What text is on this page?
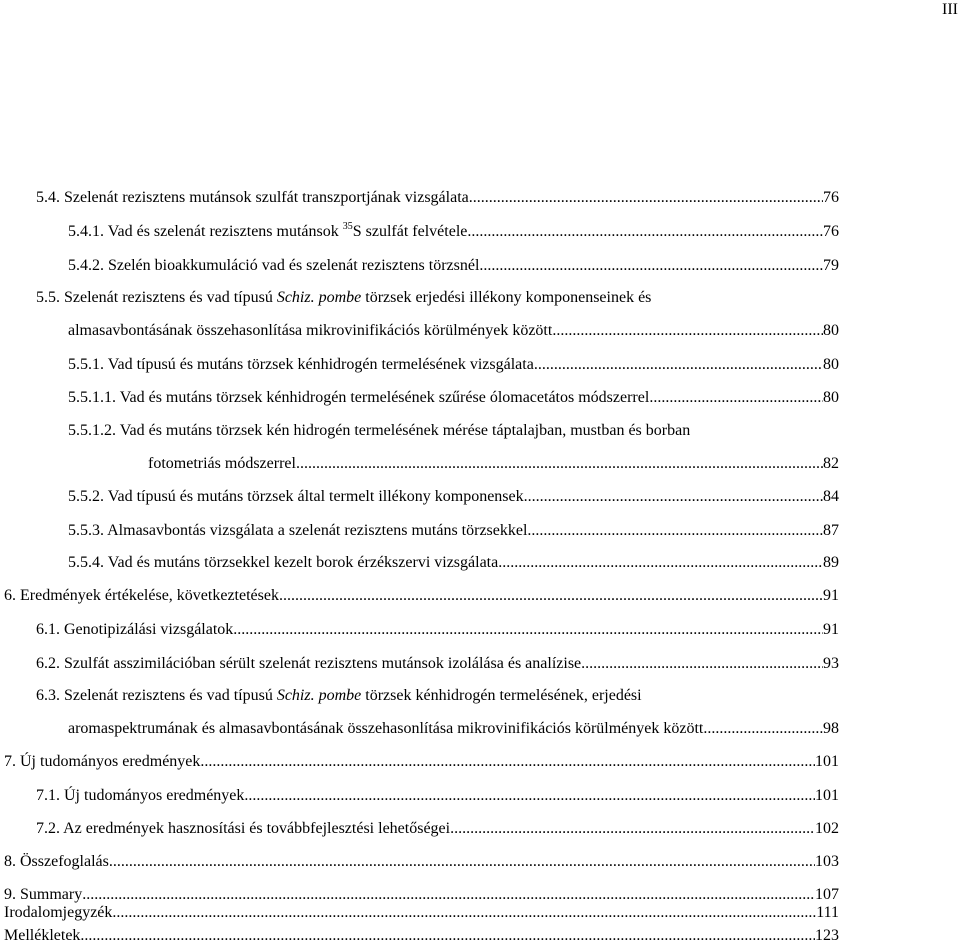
III
5.4. Szelenát rezisztens mutánsok szulfát transzportjának vizsgálata .....	76
5.4.1. Vad és szelenát rezisztens mutánsok $^{35}$S szulfát felvétele .....	76
5.4.2. Szelén bioakkumuláció vad és szelenát rezisztens törzsnél .....	79
5.5. Szelenát rezisztens és vad típusú Schiz. pombe törzsek erjedési illékony komponenseinek és
almasavbontásának összehasonlítása mikrovinifikációs körülmények között .....	80
5.5.1. Vad típusú és mutáns törzsek kénhidrogén termelésének vizsgálata .....	80
5.5.1.1. Vad és mutáns törzsek kénhidrogén termelésének szűrése ólomacetátos módszerrel .....	80
5.5.1.2. Vad és mutáns törzsek kén hidrogén termelésének mérése táptalajban, mustban és borban
fotometriás módszerrel .....	82
5.5.2. Vad típusú és mutáns törzsek által termelt illékony komponensek .....	84
5.5.3. Almasavbontás vizsgálata a szelenát rezisztens mutáns törzsekkel .....	87
5.5.4. Vad és mutáns törzsekkel kezelt borok érzékszervi vizsgálata .....	89
6. Eredmények értékelése, következtetések .....	91
6.1. Genotipizálási vizsgálatok .....	91
6.2. Szulfát asszimilációban sérült szelenát rezisztens mutánsok izolálása és analízise .....	93
6.3. Szelenát rezisztens és vad típusú Schiz. pombe törzsek kénhidrogén termelésének, erjedési
aromaspektrumának és almasavbontásának összehasonlítása mikrovinifikációs körülmények között .....	98
7. Új tudományos eredmények .....	101
7.1. Új tudományos eredmények .....	101
7.2. Az eredmények hasznosítási és továbbfejlesztési lehetőségei .....	102
8. Összefoglalás .....	103
9. Summary .....	107
Irodalomjegyzék .....	111
Mellékletek .....	123
